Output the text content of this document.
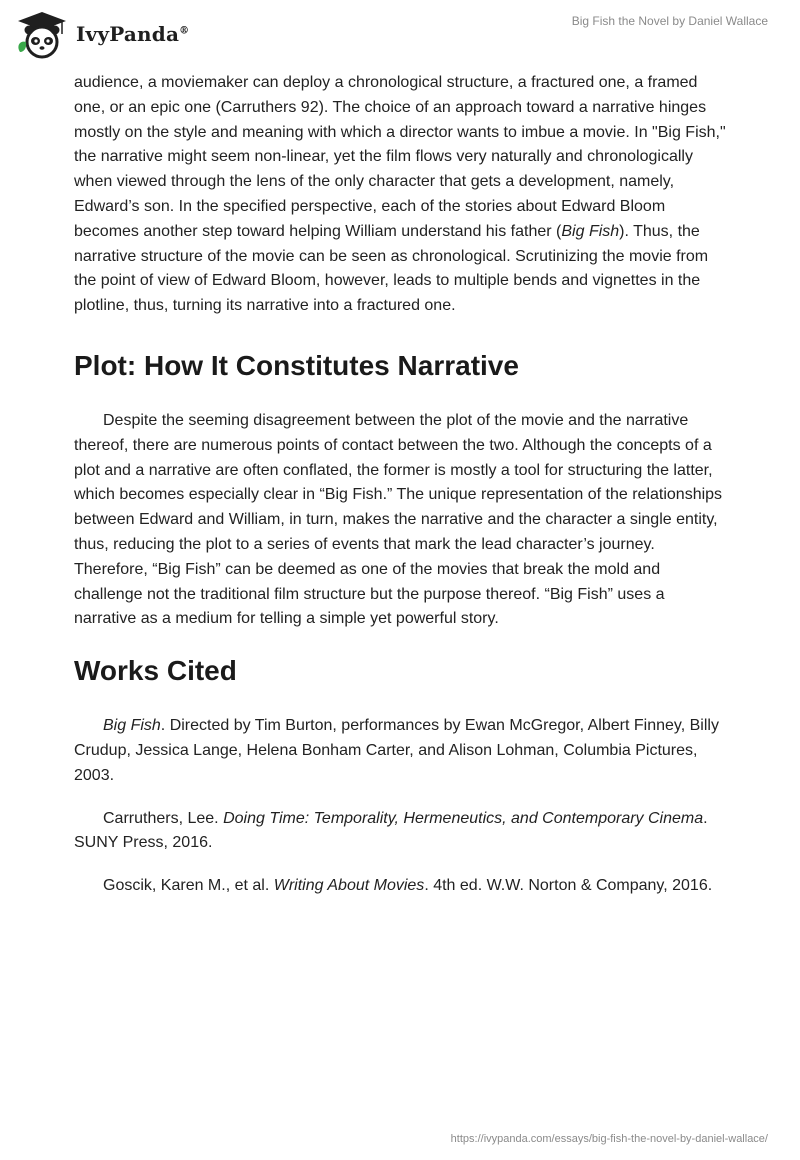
IvyPanda®
Big Fish the Novel by Daniel Wallace

audience, a moviemaker can deploy a chronological structure, a fractured one, a framed one, or an epic one (Carruthers 92). The choice of an approach toward a narrative hinges mostly on the style and meaning with which a director wants to imbue a movie. In "Big Fish," the narrative might seem non-linear, yet the film flows very naturally and chronologically when viewed through the lens of the only character that gets a development, namely, Edward’s son. In the specified perspective, each of the stories about Edward Bloom becomes another step toward helping William understand his father (Big Fish). Thus, the narrative structure of the movie can be seen as chronological. Scrutinizing the movie from the point of view of Edward Bloom, however, leads to multiple bends and vignettes in the plotline, thus, turning its narrative into a fractured one.

Plot: How It Constitutes Narrative

Despite the seeming disagreement between the plot of the movie and the narrative thereof, there are numerous points of contact between the two. Although the concepts of a plot and a narrative are often conflated, the former is mostly a tool for structuring the latter, which becomes especially clear in “Big Fish.” The unique representation of the relationships between Edward and William, in turn, makes the narrative and the character a single entity, thus, reducing the plot to a series of events that mark the lead character’s journey. Therefore, “Big Fish” can be deemed as one of the movies that break the mold and challenge not the traditional film structure but the purpose thereof. “Big Fish” uses a narrative as a medium for telling a simple yet powerful story.

Works Cited

Big Fish. Directed by Tim Burton, performances by Ewan McGregor, Albert Finney, Billy Crudup, Jessica Lange, Helena Bonham Carter, and Alison Lohman, Columbia Pictures, 2003.

Carruthers, Lee. Doing Time: Temporality, Hermeneutics, and Contemporary Cinema. SUNY Press, 2016.

Goscik, Karen M., et al. Writing About Movies. 4th ed. W.W. Norton & Company, 2016.

https://ivypanda.com/essays/big-fish-the-novel-by-daniel-wallace/
